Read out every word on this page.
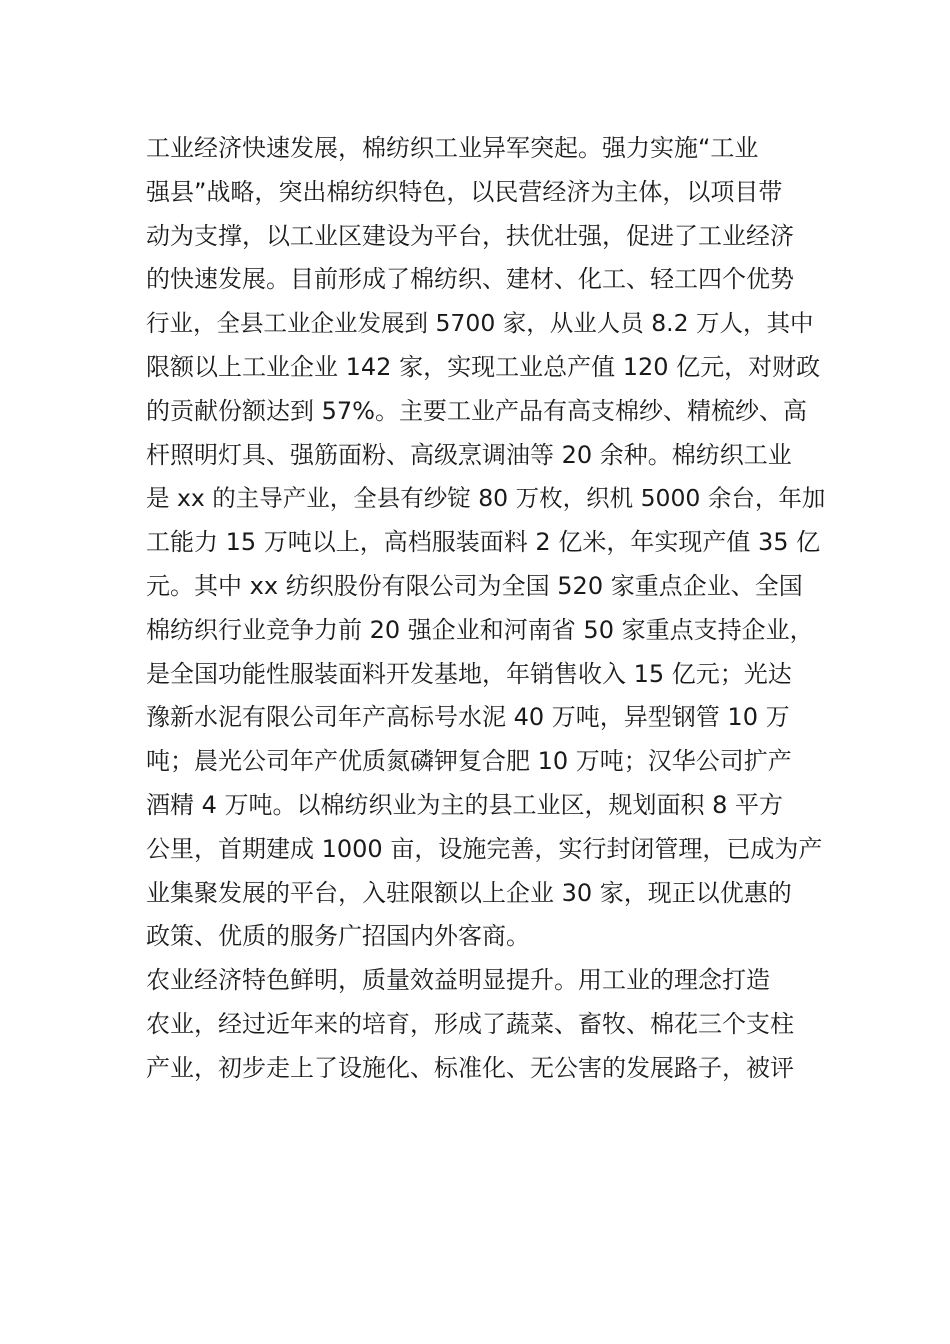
工业经济快速发展，棉纺织工业异军突起。强力实施“工业
强县”战略，突出棉纺织特色，以民营经济为主体，以项目带
动为支撑，以工业区建设为平台，扶优壮强，促进了工业经济
的快速发展。目前形成了棉纺织、建材、化工、轻工四个优势
行业，全县工业企业发展到 5700 家，从业人员 8.2 万人，其中
限额以上工业企业 142 家，实现工业总产值 120 亿元，对财政
的贡献份额达到 57%。主要工业产品有高支棉纱、精梳纱、高
杆照明灯具、强筋面粉、高级烹调油等 20 余种。棉纺织工业
是 xx 的主导产业，全县有纱锭 80 万枚，织机 5000 余台，年加
工能力 15 万吨以上，高档服装面料 2 亿米，年实现产值 35 亿
元。其中 xx 纺织股份有限公司为全国 520 家重点企业、全国
棉纺织行业竞争力前 20 强企业和河南省 50 家重点支持企业，
是全国功能性服装面料开发基地，年销售收入 15 亿元；光达
豫新水泥有限公司年产高标号水泥 40 万吨，异型钢管 10 万
吨；晨光公司年产优质氮磷钾复合肥 10 万吨；汉华公司扩产
酒精 4 万吨。以棉纺织业为主的县工业区，规划面积 8 平方
公里，首期建成 1000 亩，设施完善，实行封闭管理，已成为产
业集聚发展的平台，入驻限额以上企业 30 家，现正以优惠的
政策、优质的服务广招国内外客商。
农业经济特色鲜明，质量效益明显提升。用工业的理念打造
农业，经过近年来的培育，形成了蔬菜、畜牧、棉花三个支柱
产业，初步走上了设施化、标准化、无公害的发展路子，被评
